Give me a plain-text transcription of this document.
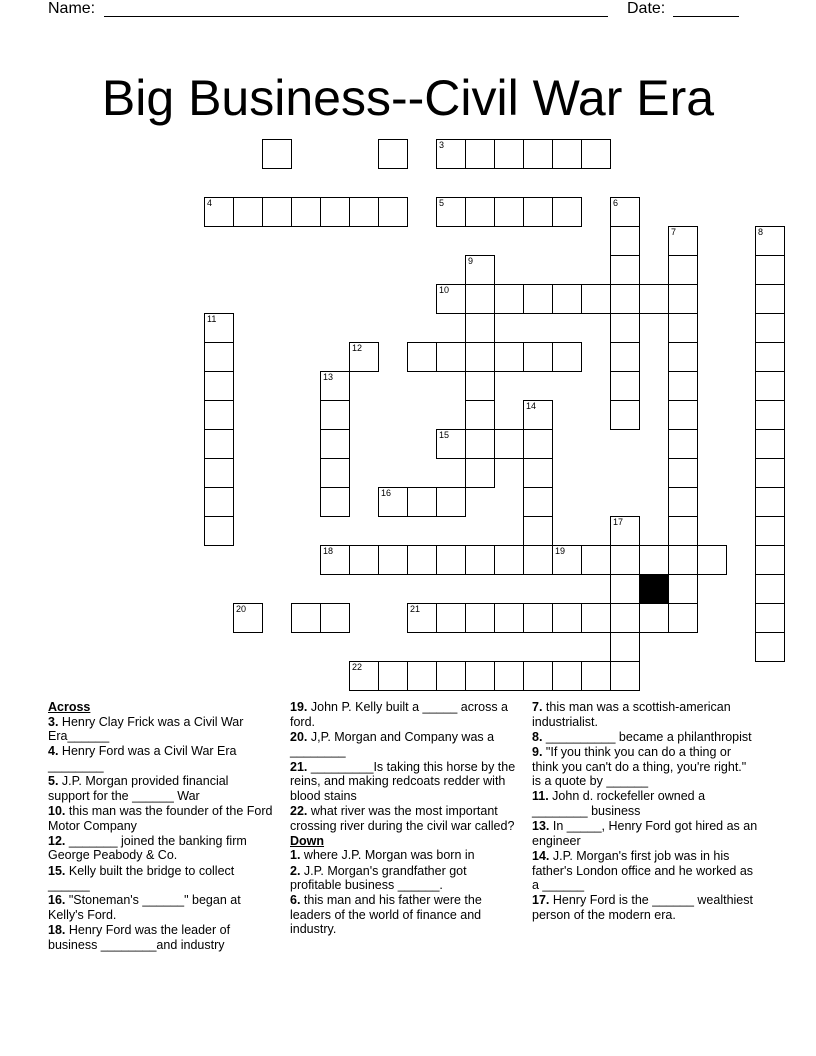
Name:	Date:
Big Business--Civil War Era
3
4	5	6
7	8
9
10
11
12
13
14
15
16
17
18	19
20	21
22
Across
3. Henry Clay Frick was a Civil War Era______
4. Henry Ford was a Civil War Era ________
5. J.P. Morgan provided financial support for the ______ War
10. this man was the founder of the Ford Motor Company
12. _______ joined the banking firm George Peabody & Co.
15. Kelly built the bridge to collect ______
16. "Stoneman's ______" began at Kelly's Ford.
18. Henry Ford was the leader of business ________and industry
19. John P. Kelly built a _____ across a ford.
20. J,P. Morgan and Company was a ________
21. _________Is taking this horse by the reins, and making redcoats redder with blood stains
22. what river was the most important crossing river during the civil war called?
Down
1. where J.P. Morgan was born in
2. J.P. Morgan's grandfather got profitable business ______.
6. this man and his father were the leaders of the world of finance and industry.
7. this man was a scottish-american industrialist.
8. __________ became a philanthropist
9. "If you think you can do a thing or think you can't do a thing, you're right." is a quote by ______
11. John d. rockefeller owned a ________ business
13. In _____, Henry Ford got hired as an engineer
14. J.P. Morgan's first job was in his father's London office and he worked as a ______
17. Henry Ford is the ______ wealthiest person of the modern era.
